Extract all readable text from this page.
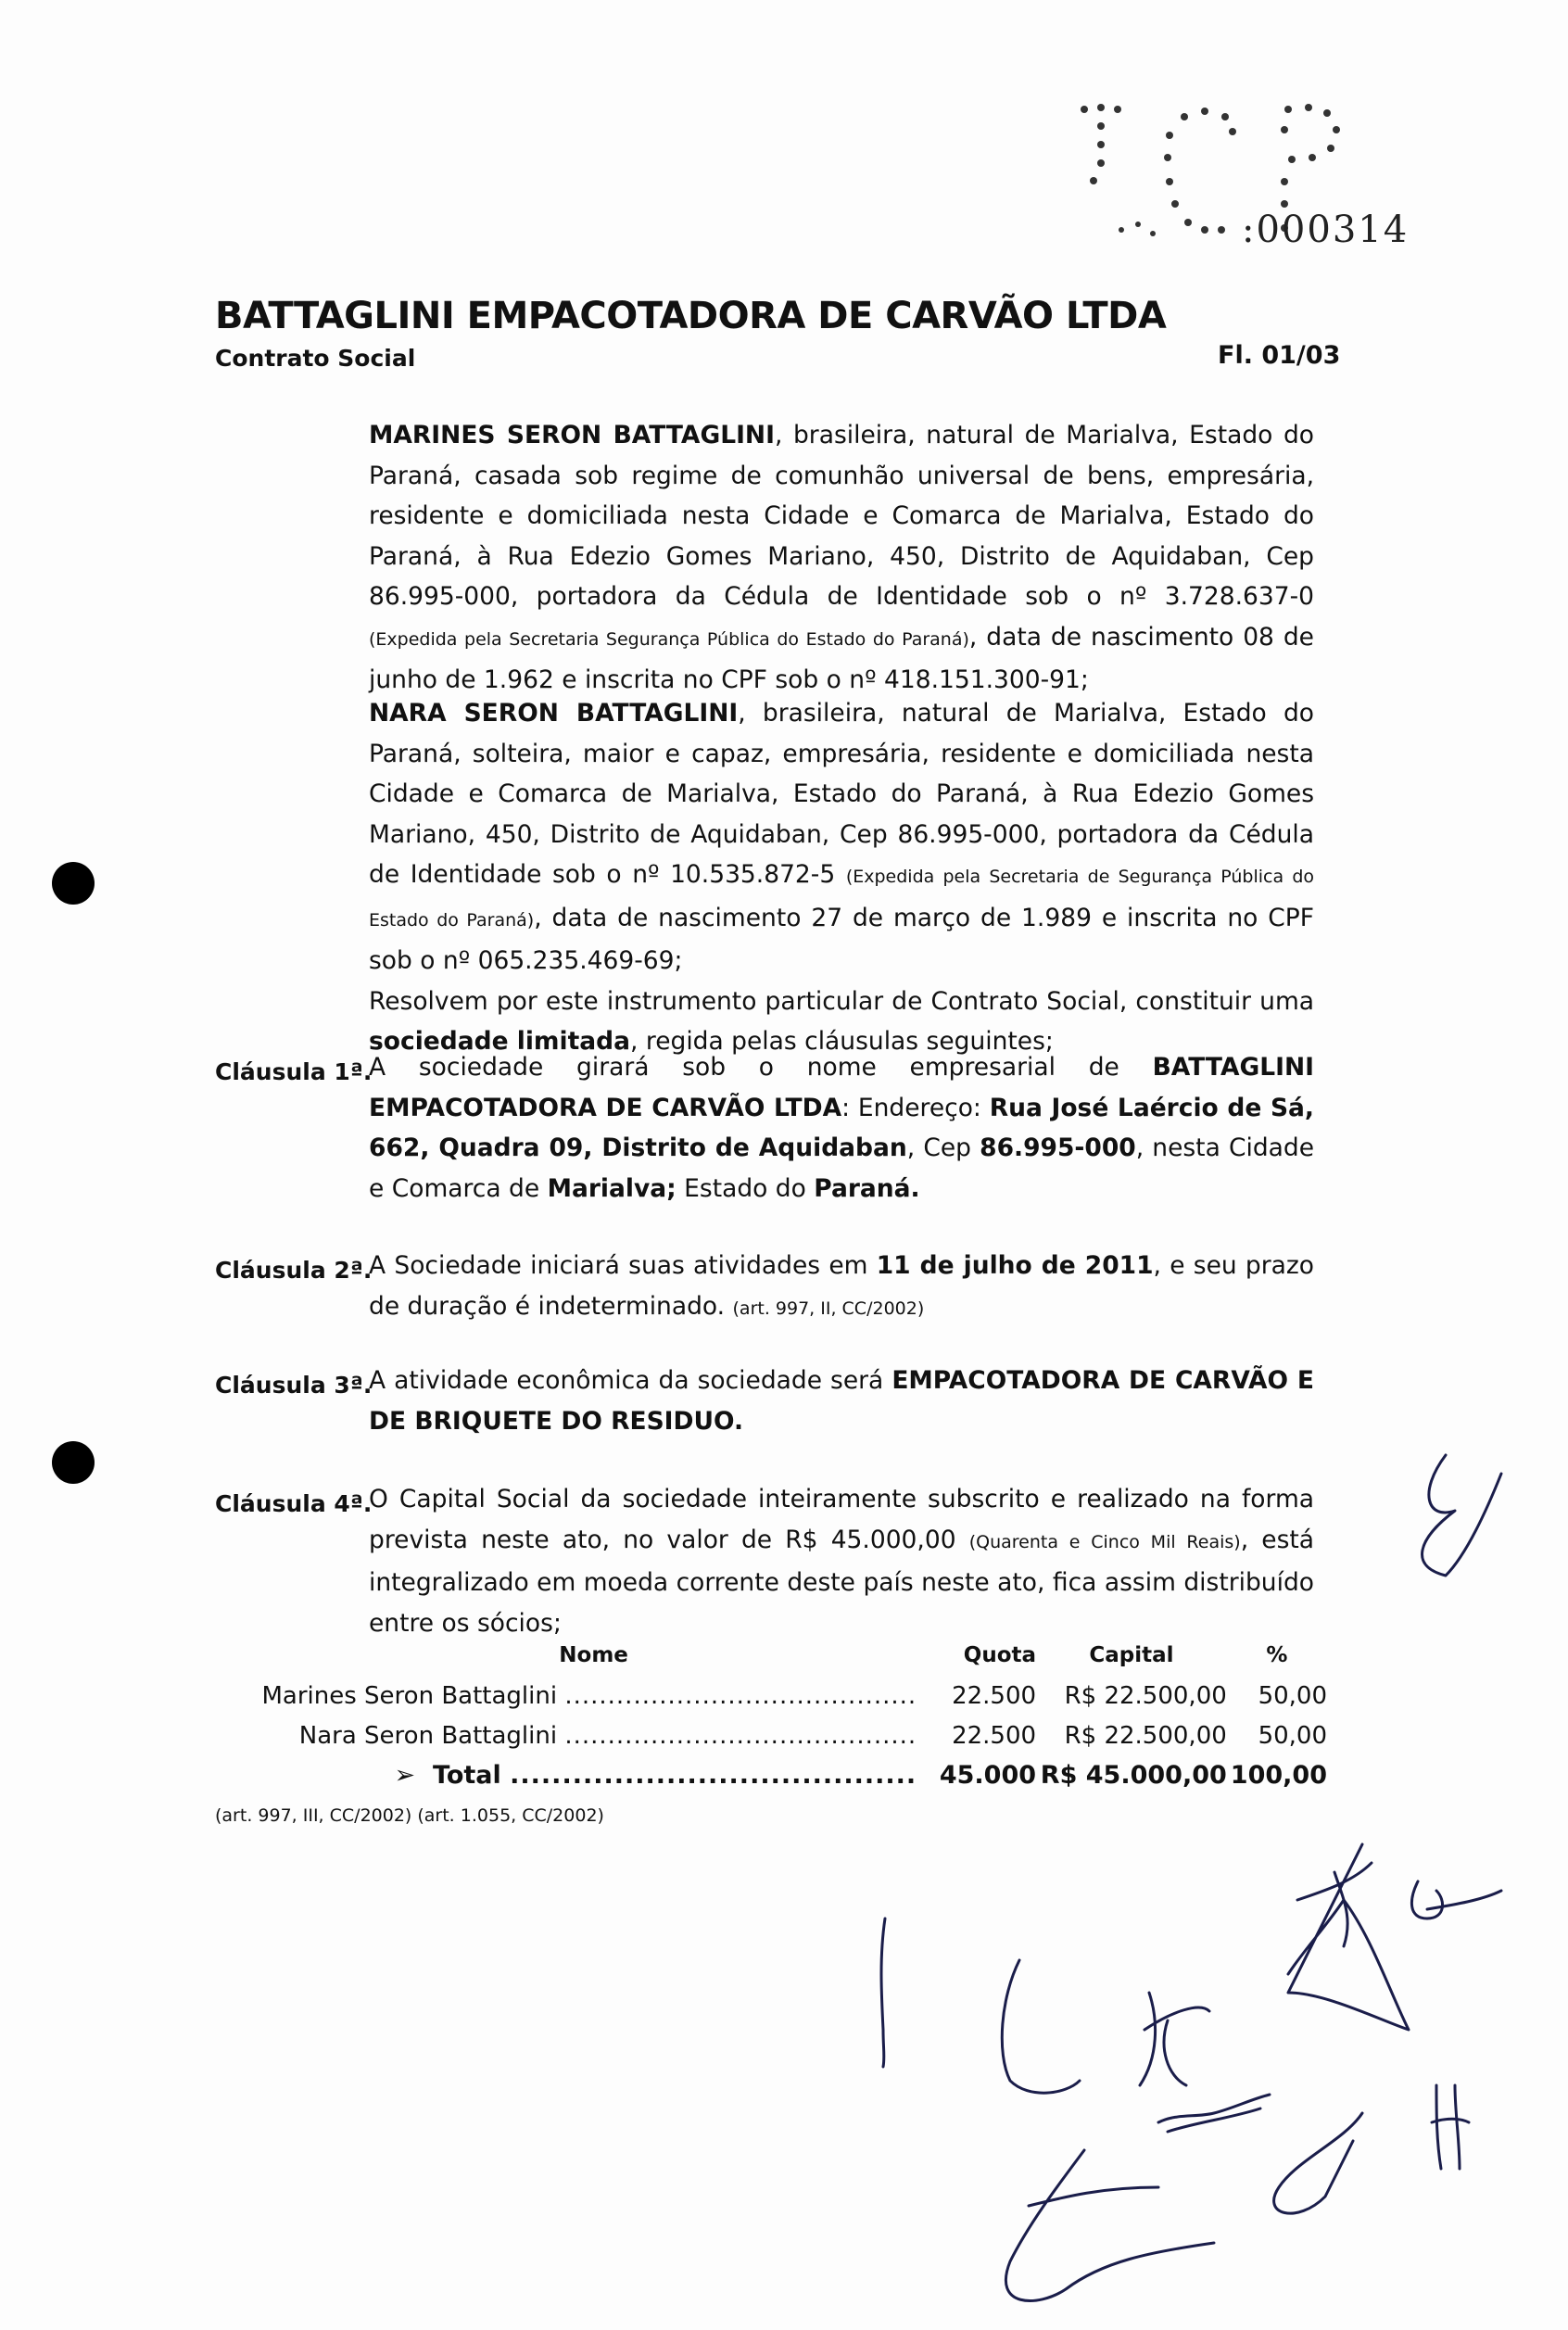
:000314
BATTAGLINI EMPACOTADORA DE CARVÃO LTDA
Contrato Social	Fl. 01/03
MARINES SERON BATTAGLINI, brasileira, natural de Marialva, Estado do Paraná, casada sob regime de comunhão universal de bens, empresária, residente e domiciliada nesta Cidade e Comarca de Marialva, Estado do Paraná, à Rua Edezio Gomes Mariano, 450, Distrito de Aquidaban, Cep 86.995-000, portadora da Cédula de Identidade sob o nº 3.728.637-0 (Expedida pela Secretaria Segurança Pública do Estado do Paraná), data de nascimento 08 de junho de 1.962 e inscrita no CPF sob o nº 418.151.300-91;
NARA SERON BATTAGLINI, brasileira, natural de Marialva, Estado do Paraná, solteira, maior e capaz, empresária, residente e domiciliada nesta Cidade e Comarca de Marialva, Estado do Paraná, à Rua Edezio Gomes Mariano, 450, Distrito de Aquidaban, Cep 86.995-000, portadora da Cédula de Identidade sob o nº 10.535.872-5 (Expedida pela Secretaria de Segurança Pública do Estado do Paraná), data de nascimento 27 de março de 1.989 e inscrita no CPF sob o nº 065.235.469-69;
Resolvem por este instrumento particular de Contrato Social, constituir uma sociedade limitada, regida pelas cláusulas seguintes;
Cláusula 1ª.
A sociedade girará sob o nome empresarial de BATTAGLINI EMPACOTADORA DE CARVÃO LTDA: Endereço: Rua José Laércio de Sá, 662, Quadra 09, Distrito de Aquidaban, Cep 86.995-000, nesta Cidade e Comarca de Marialva; Estado do Paraná.
Cláusula 2ª.
A Sociedade iniciará suas atividades em 11 de julho de 2011, e seu prazo de duração é indeterminado. (art. 997, II, CC/2002)
Cláusula 3ª.
A atividade econômica da sociedade será EMPACOTADORA DE CARVÃO E DE BRIQUETE DO RESIDUO.
Cláusula 4ª.
O Capital Social da sociedade inteiramente subscrito e realizado na forma prevista neste ato, no valor de R$ 45.000,00 (Quarenta e Cinco Mil Reais), está integralizado em moeda corrente deste país neste ato, fica assim distribuído entre os sócios;
Nome	Quota	Capital	%
Marines Seron Battaglini .........................................	22.500	R$ 22.500,00	50,00
Nara Seron Battaglini .........................................	22.500	R$ 22.500,00	50,00
➢ Total .......................................	45.000	R$ 45.000,00	100,00
(art. 997, III, CC/2002) (art. 1.055, CC/2002)
